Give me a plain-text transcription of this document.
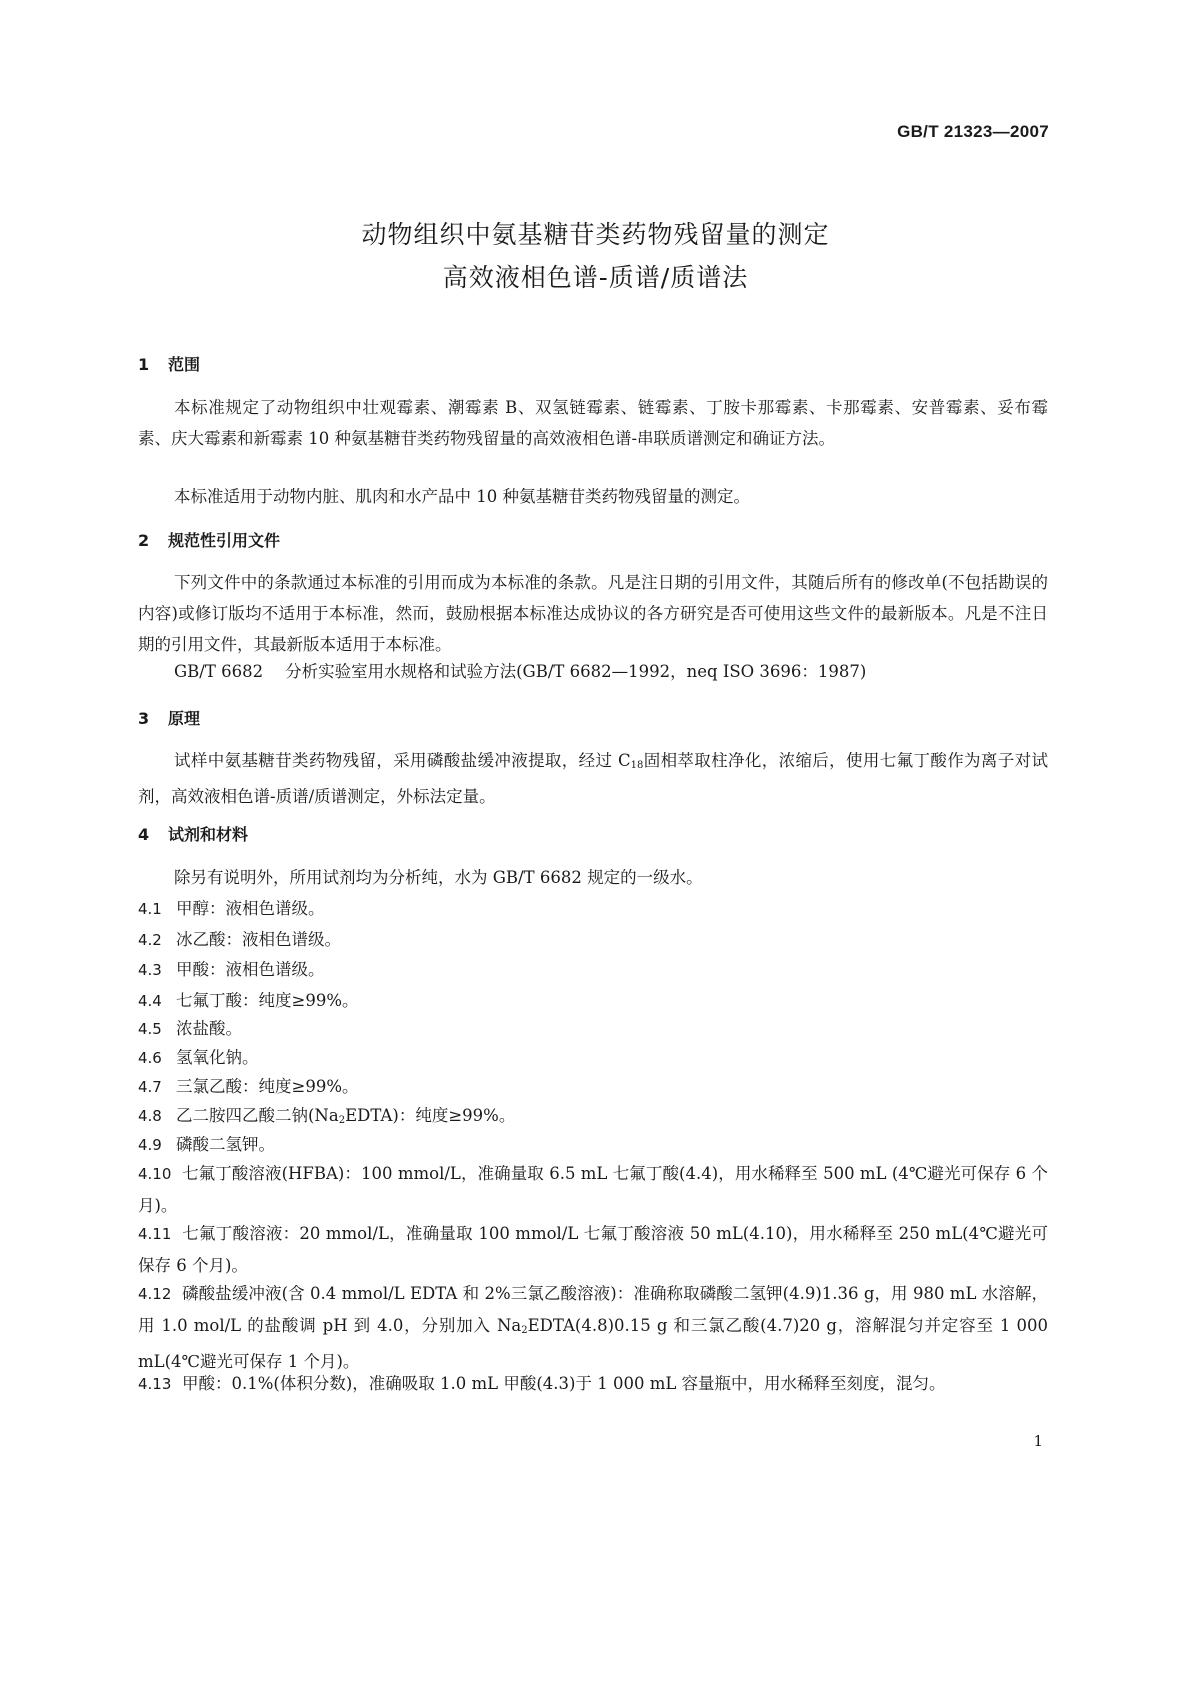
GB/T 21323—2007
动物组织中氨基糖苷类药物残留量的测定
高效液相色谱-质谱/质谱法
1 范围

本标准规定了动物组织中壮观霉素、潮霉素 B、双氢链霉素、链霉素、丁胺卡那霉素、卡那霉素、安普霉素、妥布霉素、庆大霉素和新霉素 10 种氨基糖苷类药物残留量的高效液相色谱-串联质谱测定和确证方法。

本标准适用于动物内脏、肌肉和水产品中 10 种氨基糖苷类药物残留量的测定。

2 规范性引用文件

下列文件中的条款通过本标准的引用而成为本标准的条款。凡是注日期的引用文件，其随后所有的修改单(不包括勘误的内容)或修订版均不适用于本标准，然而，鼓励根据本标准达成协议的各方研究是否可使用这些文件的最新版本。凡是不注日期的引用文件，其最新版本适用于本标准。

GB/T 6682 分析实验室用水规格和试验方法(GB/T 6682—1992，neq ISO 3696：1987)

3 原理

试样中氨基糖苷类药物残留，采用磷酸盐缓冲液提取，经过 $C_{18}$固相萃取柱净化，浓缩后，使用七氟丁酸作为离子对试剂，高效液相色谱-质谱/质谱测定，外标法定量。

4 试剂和材料

除另有说明外，所用试剂均为分析纯，水为 GB/T 6682 规定的一级水。

4.1 甲醇：液相色谱级。

4.2 冰乙酸：液相色谱级。

4.3 甲酸：液相色谱级。

4.4 七氟丁酸：纯度≥99%。

4.5 浓盐酸。

4.6 氢氧化钠。

4.7 三氯乙酸：纯度≥99%。

4.8 乙二胺四乙酸二钠$(Na_2EDTA)$：纯度≥99%。

4.9 磷酸二氢钾。

4.10 七氟丁酸溶液(HFBA)：100 mmol/L，准确量取 6.5 mL 七氟丁酸(4.4)，用水稀释至 500 mL (4℃避光可保存 6 个月)。

4.11 七氟丁酸溶液：20 mmol/L，准确量取 100 mmol/L 七氟丁酸溶液 50 mL(4.10)，用水稀释至 250 mL(4℃避光可保存 6 个月)。

4.12 磷酸盐缓冲液(含 0.4 mmol/L EDTA 和 2%三氯乙酸溶液)：准确称取磷酸二氢钾(4.9)1.36 g，用 980 mL 水溶解，用 1.0 mol/L 的盐酸调 pH 到 4.0，分别加入 $Na_2EDTA(4.8)0.15$ g 和三氯乙酸(4.7)20 g，溶解混匀并定容至 1 000 mL(4℃避光可保存 1 个月)。

4.13 甲酸：0.1%(体积分数)，准确吸取 1.0 mL 甲酸(4.3)于 1 000 mL 容量瓶中，用水稀释至刻度，混匀。

1
